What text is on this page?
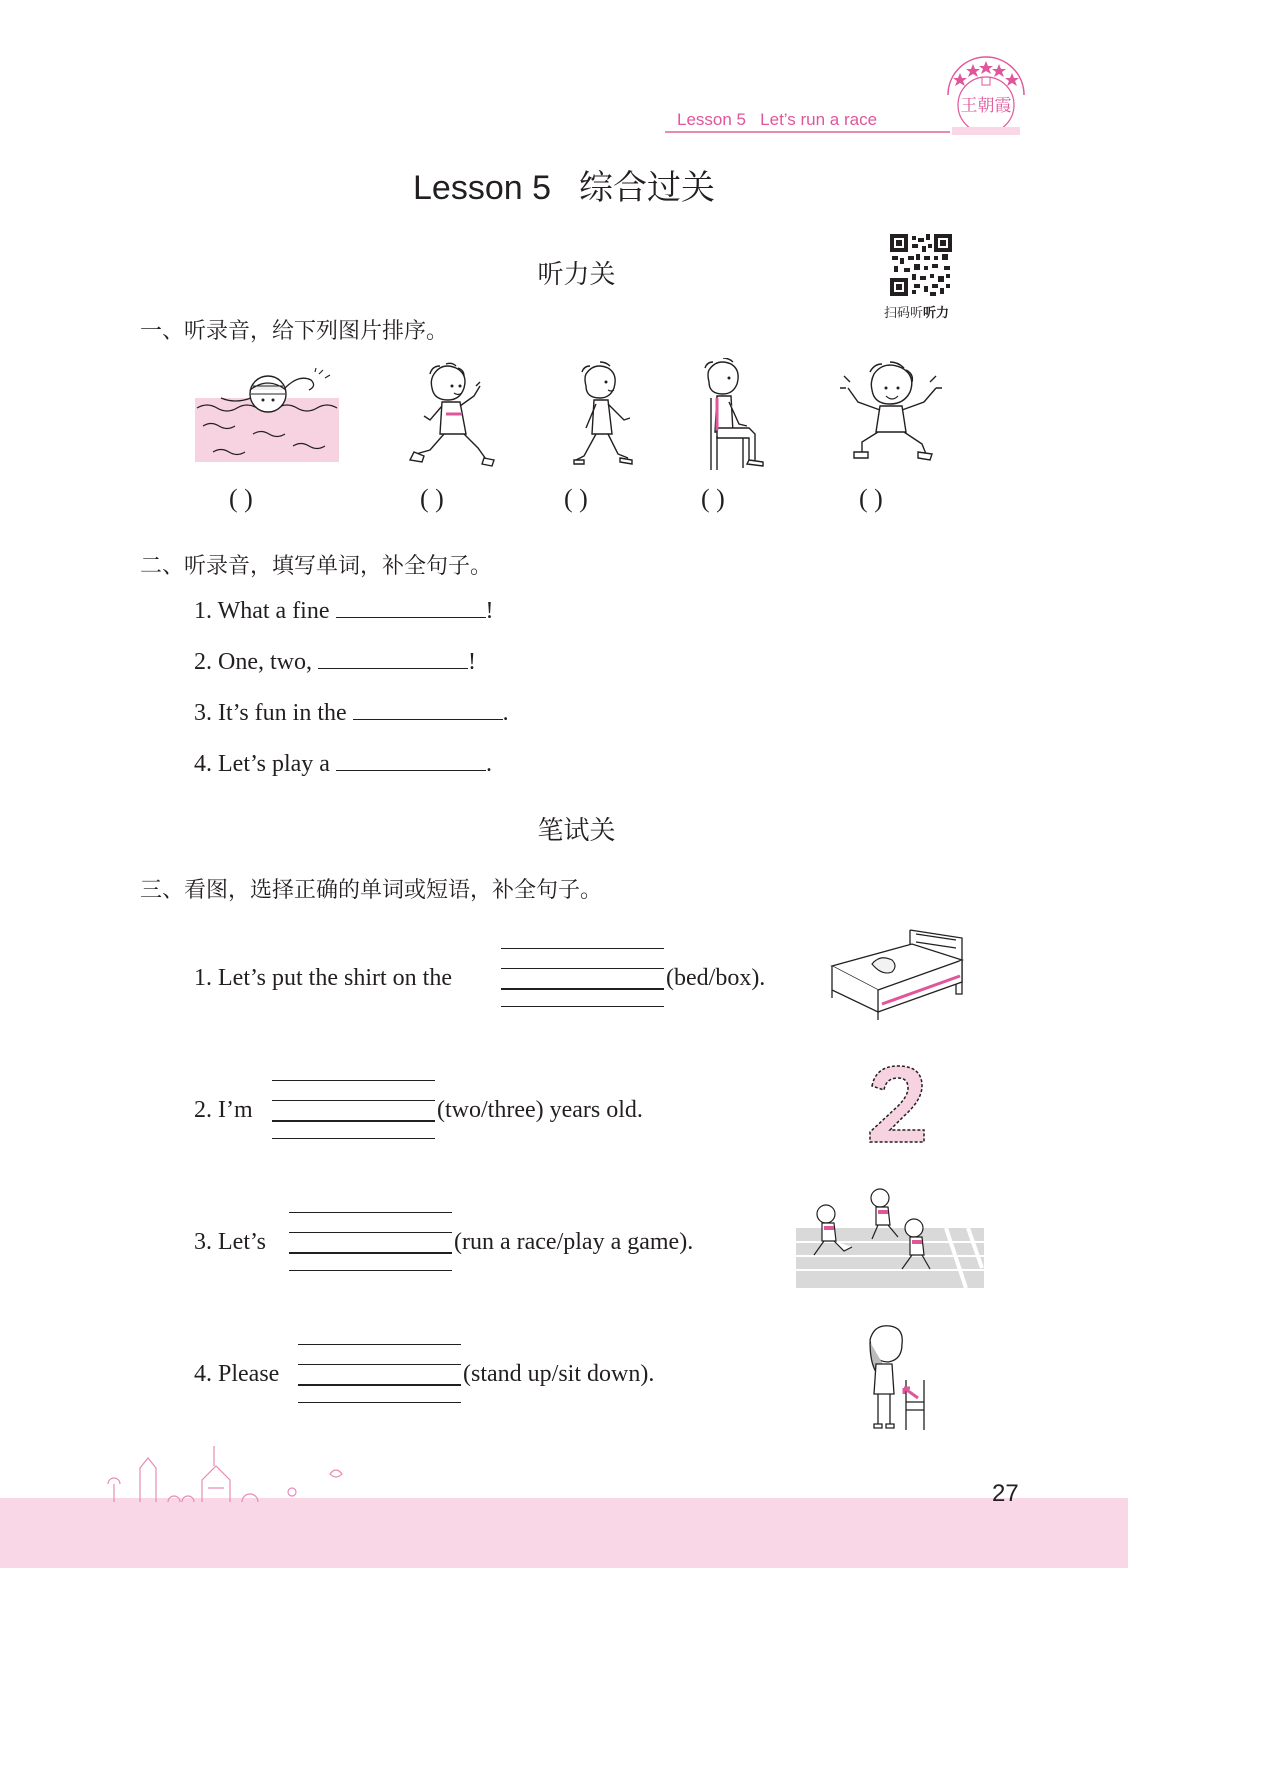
王朝霞
Lesson 5   Let’s run a race
Lesson 5 综合过关
听力关
扫码听听力
一、听录音，给下列图片排序。
( )	( )	( )	( )	( )
二、听录音，填写单词，补全句子。
1. What a fine	!
2. One, two,	!
3. It’s fun in the	.
4. Let’s play a	.
笔试关
三、看图，选择正确的单词或短语，补全句子。
1. Let’s put the shirt on the	(bed/box).
2. I’m	(two/three) years old.
3. Let’s	(run a race/play a game).
4. Please	(stand up/sit down).
27
